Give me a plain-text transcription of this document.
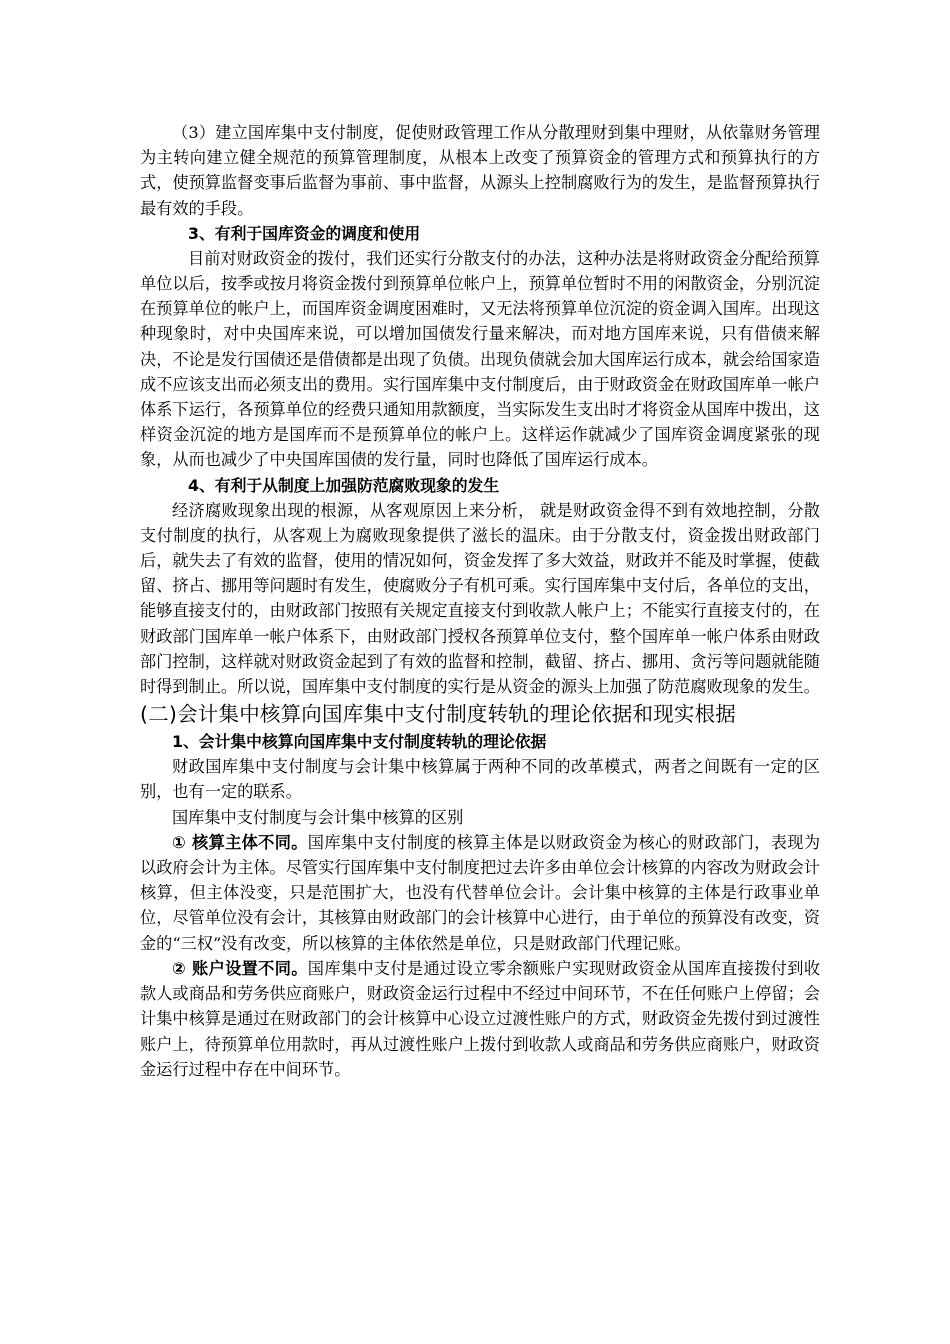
（3）建立国库集中支付制度，促使财政管理工作从分散理财到集中理财，从依靠财务管理为主转向建立健全规范的预算管理制度，从根本上改变了预算资金的管理方式和预算执行的方式，使预算监督变事后监督为事前、事中监督，从源头上控制腐败行为的发生，是监督预算执行最有效的手段。

3、有利于国库资金的调度和使用

目前对财政资金的拨付，我们还实行分散支付的办法，这种办法是将财政资金分配给预算单位以后，按季或按月将资金拨付到预算单位帐户上，预算单位暂时不用的闲散资金，分别沉淀在预算单位的帐户上，而国库资金调度困难时，又无法将预算单位沉淀的资金调入国库。出现这种现象时，对中央国库来说，可以增加国债发行量来解决，而对地方国库来说，只有借债来解决，不论是发行国债还是借债都是出现了负债。出现负债就会加大国库运行成本，就会给国家造成不应该支出而必须支出的费用。实行国库集中支付制度后，由于财政资金在财政国库单一帐户体系下运行，各预算单位的经费只通知用款额度，当实际发生支出时才将资金从国库中拨出，这样资金沉淀的地方是国库而不是预算单位的帐户上。这样运作就减少了国库资金调度紧张的现象，从而也减少了中央国库国债的发行量，同时也降低了国库运行成本。

4、有利于从制度上加强防范腐败现象的发生

经济腐败现象出现的根源，从客观原因上来分析， 就是财政资金得不到有效地控制，分散支付制度的执行，从客观上为腐败现象提供了滋长的温床。由于分散支付，资金拨出财政部门后，就失去了有效的监督，使用的情况如何，资金发挥了多大效益，财政并不能及时掌握，使截留、挤占、挪用等问题时有发生，使腐败分子有机可乘。实行国库集中支付后，各单位的支出，能够直接支付的，由财政部门按照有关规定直接支付到收款人帐户上；不能实行直接支付的，在财政部门国库单一帐户体系下，由财政部门授权各预算单位支付，整个国库单一帐户体系由财政部门控制，这样就对财政资金起到了有效的监督和控制，截留、挤占、挪用、贪污等问题就能随时得到制止。所以说，国库集中支付制度的实行是从资金的源头上加强了防范腐败现象的发生。

(二)会计集中核算向国库集中支付制度转轨的理论依据和现实根据

1、会计集中核算向国库集中支付制度转轨的理论依据

财政国库集中支付制度与会计集中核算属于两种不同的改革模式，两者之间既有一定的区别，也有一定的联系。

国库集中支付制度与会计集中核算的区别

① 核算主体不同。国库集中支付制度的核算主体是以财政资金为核心的财政部门，表现为以政府会计为主体。尽管实行国库集中支付制度把过去许多由单位会计核算的内容改为财政会计核算，但主体没变，只是范围扩大，也没有代替单位会计。会计集中核算的主体是行政事业单位，尽管单位没有会计，其核算由财政部门的会计核算中心进行，由于单位的预算没有改变，资金的“三权”没有改变，所以核算的主体依然是单位，只是财政部门代理记账。

② 账户设置不同。国库集中支付是通过设立零余额账户实现财政资金从国库直接拨付到收款人或商品和劳务供应商账户，财政资金运行过程中不经过中间环节，不在任何账户上停留；会计集中核算是通过在财政部门的会计核算中心设立过渡性账户的方式，财政资金先拨付到过渡性账户上，待预算单位用款时，再从过渡性账户上拨付到收款人或商品和劳务供应商账户，财政资金运行过程中存在中间环节。
